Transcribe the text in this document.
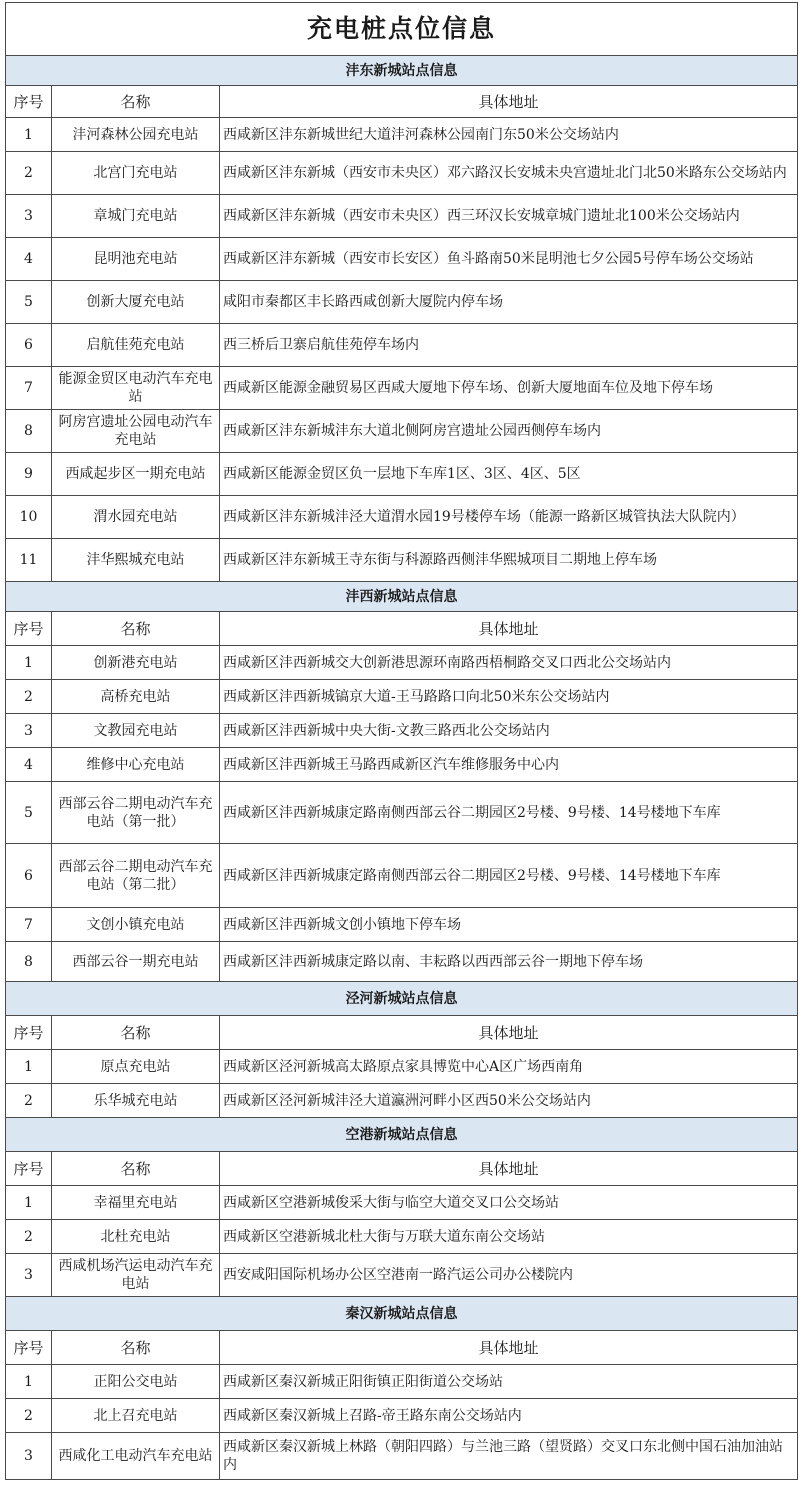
充电桩点位信息		
沣东新城站点信息		
序号	名称	具体地址
1	沣河森林公园充电站	西咸新区沣东新城世纪大道沣河森林公园南门东50米公交场站内
2	北宫门充电站	西咸新区沣东新城（西安市未央区）邓六路汉长安城未央宫遗址北门北50米路东公交场站内
3	章城门充电站	西咸新区沣东新城（西安市未央区）西三环汉长安城章城门遗址北100米公交场站内
4	昆明池充电站	西咸新区沣东新城（西安市长安区）鱼斗路南50米昆明池七夕公园5号停车场公交场站
5	创新大厦充电站	咸阳市秦都区丰长路西咸创新大厦院内停车场
6	启航佳苑充电站	西三桥后卫寨启航佳苑停车场内
7	能源金贸区电动汽车充电站	西咸新区能源金融贸易区西咸大厦地下停车场、创新大厦地面车位及地下停车场
8	阿房宫遗址公园电动汽车充电站	西咸新区沣东新城沣东大道北侧阿房宫遗址公园西侧停车场内
9	西咸起步区一期充电站	西咸新区能源金贸区负一层地下车库1区、3区、4区、5区
10	渭水园充电站	西咸新区沣东新城沣泾大道渭水园19号楼停车场（能源一路新区城管执法大队院内）
11	沣华熙城充电站	西咸新区沣东新城王寺东街与科源路西侧沣华熙城项目二期地上停车场
沣西新城站点信息		
序号	名称	具体地址
1	创新港充电站	西咸新区沣西新城交大创新港思源环南路西梧桐路交叉口西北公交场站内
2	高桥充电站	西咸新区沣西新城镐京大道-王马路路口向北50米东公交场站内
3	文教园充电站	西咸新区沣西新城中央大街-文教三路西北公交场站内
4	维修中心充电站	西咸新区沣西新城王马路西咸新区汽车维修服务中心内
5	西部云谷二期电动汽车充电站（第一批）	西咸新区沣西新城康定路南侧西部云谷二期园区2号楼、9号楼、14号楼地下车库
6	西部云谷二期电动汽车充电站（第二批）	西咸新区沣西新城康定路南侧西部云谷二期园区2号楼、9号楼、14号楼地下车库
7	文创小镇充电站	西咸新区沣西新城文创小镇地下停车场
8	西部云谷一期充电站	西咸新区沣西新城康定路以南、丰耘路以西西部云谷一期地下停车场
泾河新城站点信息		
序号	名称	具体地址
1	原点充电站	西咸新区泾河新城高太路原点家具博览中心A区广场西南角
2	乐华城充电站	西咸新区泾河新城沣泾大道瀛洲河畔小区西50米公交场站内
空港新城站点信息		
序号	名称	具体地址
1	幸福里充电站	西咸新区空港新城俊采大街与临空大道交叉口公交场站
2	北杜充电站	西咸新区空港新城北杜大街与万联大道东南公交场站
3	西咸机场汽运电动汽车充电站	西安咸阳国际机场办公区空港南一路汽运公司办公楼院内
秦汉新城站点信息		
序号	名称	具体地址
1	正阳公交电站	西咸新区秦汉新城正阳街镇正阳街道公交场站
2	北上召充电站	西咸新区秦汉新城上召路-帝王路东南公交场站内
3	西咸化工电动汽车充电站	西咸新区秦汉新城上林路（朝阳四路）与兰池三路（望贤路）交叉口东北侧中国石油加油站内
